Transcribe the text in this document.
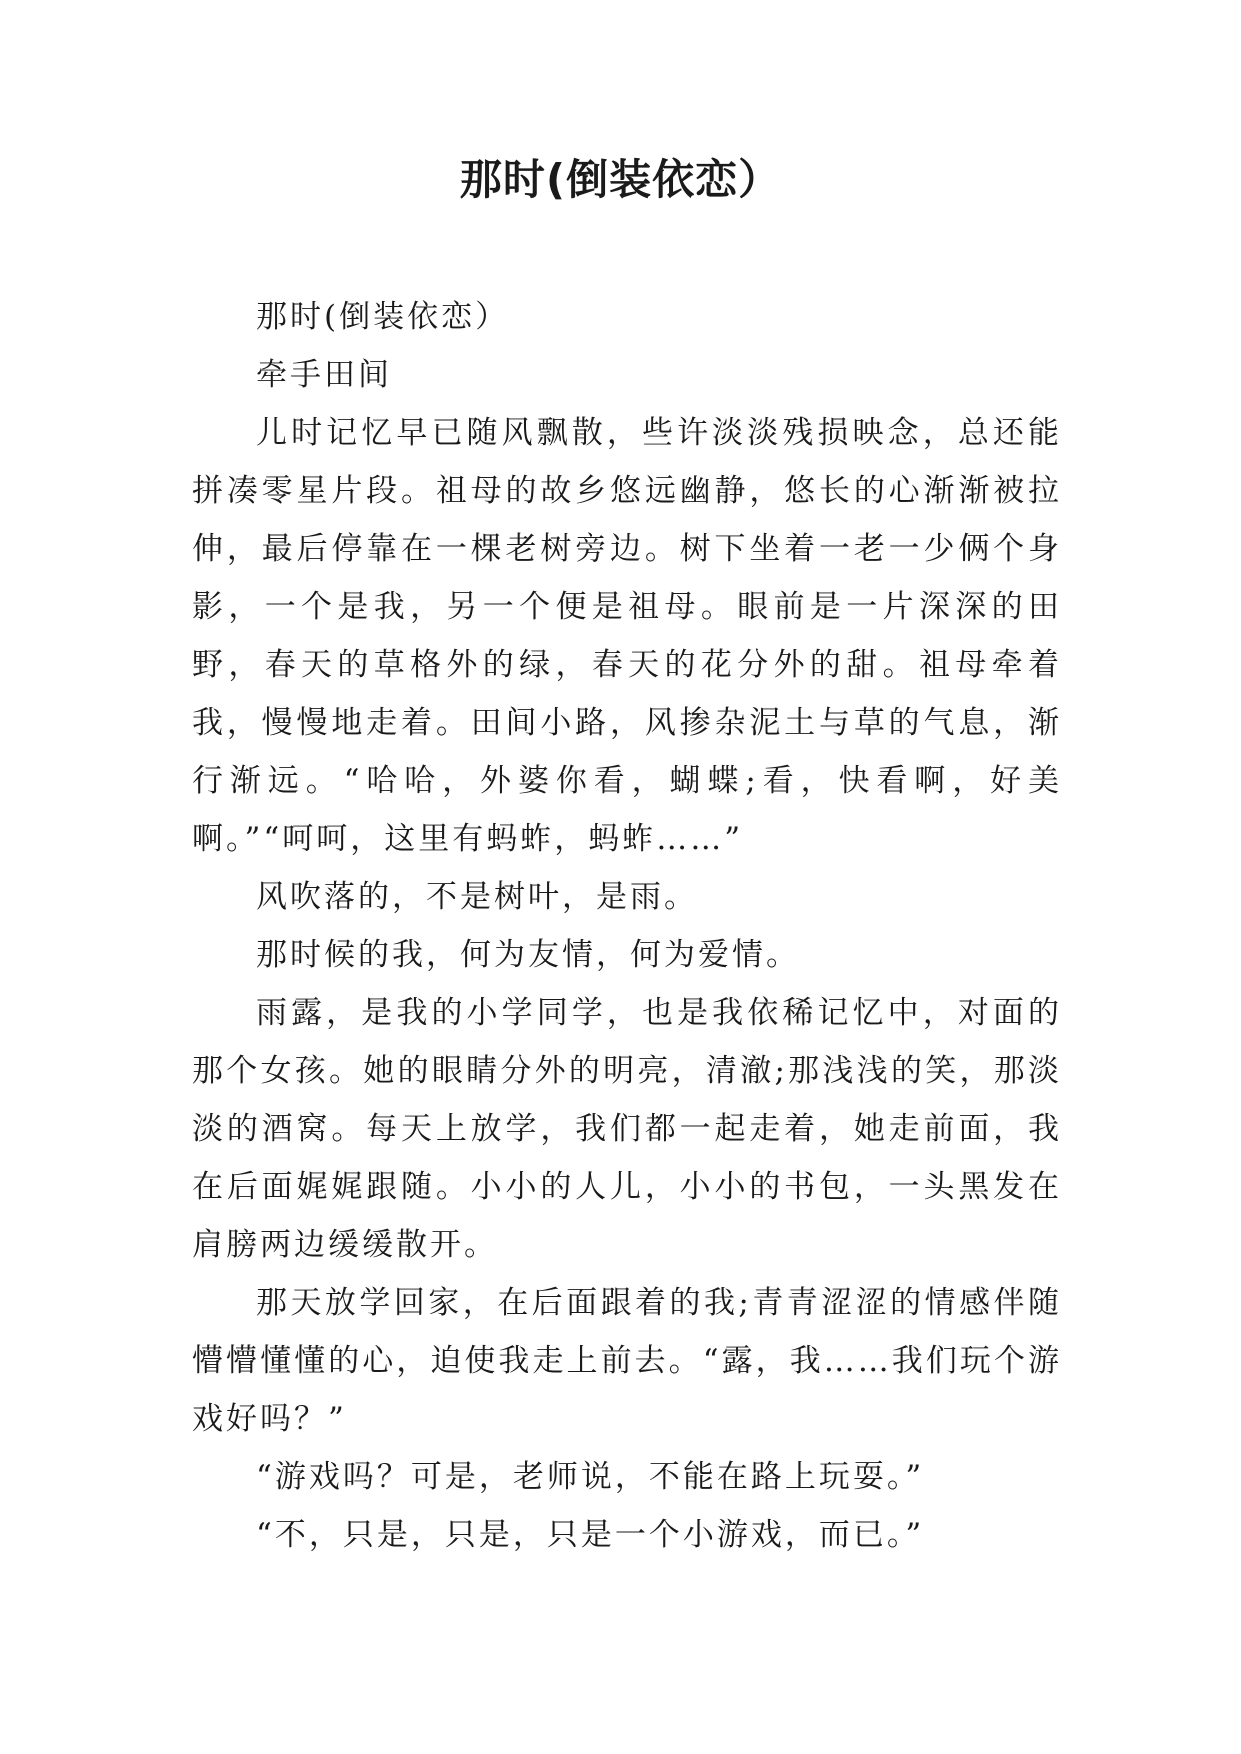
那时(倒装依恋）

那时(倒装依恋）

牵手田间

儿时记忆早已随风飘散，些许淡淡残损映念，总还能拼凑零星片段。祖母的故乡悠远幽静，悠长的心渐渐被拉伸，最后停靠在一棵老树旁边。树下坐着一老一少俩个身影，一个是我，另一个便是祖母。眼前是一片深深的田野，春天的草格外的绿，春天的花分外的甜。祖母牵着我，慢慢地走着。田间小路，风掺杂泥土与草的气息，渐行渐远。“哈哈，外婆你看，蝴蝶;看，快看啊，好美啊。”“呵呵，这里有蚂蚱，蚂蚱……”

风吹落的，不是树叶，是雨。

那时候的我，何为友情，何为爱情。

雨露，是我的小学同学，也是我依稀记忆中，对面的那个女孩。她的眼睛分外的明亮，清澈;那浅浅的笑，那淡淡的酒窝。每天上放学，我们都一起走着，她走前面，我在后面娓娓跟随。小小的人儿，小小的书包，一头黑发在肩膀两边缓缓散开。

那天放学回家，在后面跟着的我;青青涩涩的情感伴随懵懵懂懂的心，迫使我走上前去。“露，我……我们玩个游戏好吗？”

“游戏吗？可是，老师说，不能在路上玩耍。”

“不，只是，只是，只是一个小游戏，而已。”
